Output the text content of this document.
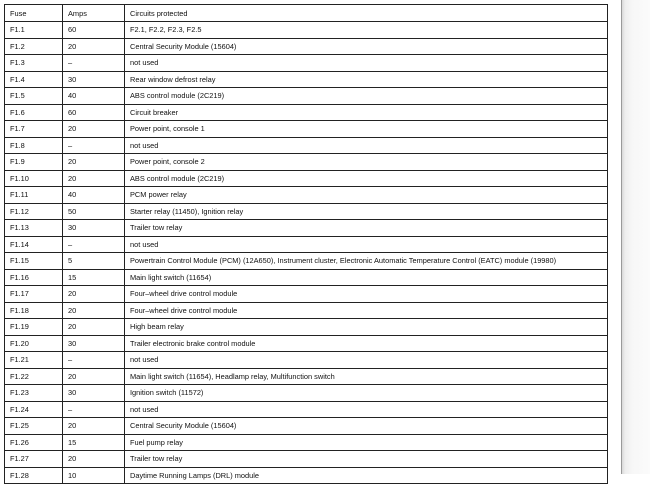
Fuse	Amps	Circuits protected
F1.1	60	F2.1, F2.2, F2.3, F2.5
F1.2	20	Central Security Module (15604)
F1.3	–	not used
F1.4	30	Rear window defrost relay
F1.5	40	ABS control module (2C219)
F1.6	60	Circuit breaker
F1.7	20	Power point, console 1
F1.8	–	not used
F1.9	20	Power point, console 2
F1.10	20	ABS control module (2C219)
F1.11	40	PCM power relay
F1.12	50	Starter relay (11450), Ignition relay
F1.13	30	Trailer tow relay
F1.14	–	not used
F1.15	5	Powertrain Control Module (PCM) (12A650), Instrument cluster, Electronic Automatic Temperature Control (EATC) module (19980)
F1.16	15	Main light switch (11654)
F1.17	20	Four–wheel drive control module
F1.18	20	Four–wheel drive control module
F1.19	20	High beam relay
F1.20	30	Trailer electronic brake control module
F1.21	–	not used
F1.22	20	Main light switch (11654), Headlamp relay, Multifunction switch
F1.23	30	Ignition switch (11572)
F1.24	–	not used
F1.25	20	Central Security Module (15604)
F1.26	15	Fuel pump relay
F1.27	20	Trailer tow relay
F1.28	10	Daytime Running Lamps (DRL) module
